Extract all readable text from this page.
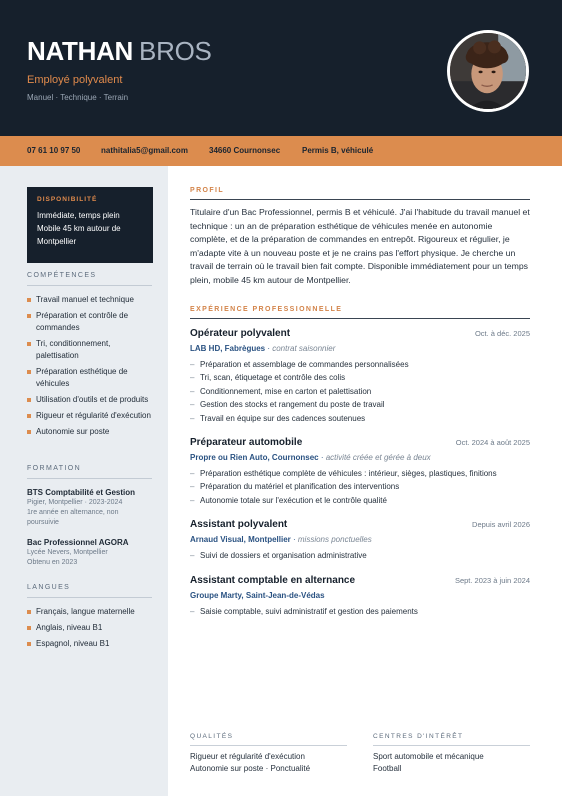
NATHAN BROS
Employé polyvalent
Manuel · Technique · Terrain
07 61 10 97 50	nathitalia5@gmail.com	34660 Cournonsec	Permis B, véhiculé
DISPONIBILITÉ
Immédiate, temps plein
Mobile 45 km autour de
Montpellier
COMPÉTENCES
Travail manuel et technique
Préparation et contrôle de commandes
Tri, conditionnement, palettisation
Préparation esthétique de véhicules
Utilisation d'outils et de produits
Rigueur et régularité d'exécution
Autonomie sur poste
FORMATION
BTS Comptabilité et Gestion
Pigier, Montpellier · 2023-2024
1re année en alternance, non poursuivie
Bac Professionnel AGORA
Lycée Nevers, Montpellier
Obtenu en 2023
LANGUES
Français, langue maternelle
Anglais, niveau B1
Espagnol, niveau B1
PROFIL
Titulaire d'un Bac Professionnel, permis B et véhiculé. J'ai l'habitude du travail manuel et technique : un an de préparation esthétique de véhicules menée en autonomie complète, et de la préparation de commandes en entrepôt. Rigoureux et régulier, je m'adapte vite à un nouveau poste et je ne crains pas l'effort physique. Je cherche un travail de terrain où le travail bien fait compte. Disponible immédiatement pour un temps plein, mobile 45 km autour de Montpellier.
EXPÉRIENCE PROFESSIONNELLE
Opérateur polyvalent	Oct. à déc. 2025
LAB HD, Fabrègues · contrat saisonnier
– Préparation et assemblage de commandes personnalisées
– Tri, scan, étiquetage et contrôle des colis
– Conditionnement, mise en carton et palettisation
– Gestion des stocks et rangement du poste de travail
– Travail en équipe sur des cadences soutenues
Préparateur automobile	Oct. 2024 à août 2025
Propre ou Rien Auto, Cournonsec · activité créée et gérée à deux
– Préparation esthétique complète de véhicules : intérieur, sièges, plastiques, finitions
– Préparation du matériel et planification des interventions
– Autonomie totale sur l'exécution et le contrôle qualité
Assistant polyvalent	Depuis avril 2026
Arnaud Visual, Montpellier · missions ponctuelles
– Suivi de dossiers et organisation administrative
Assistant comptable en alternance	Sept. 2023 à juin 2024
Groupe Marty, Saint-Jean-de-Védas
– Saisie comptable, suivi administratif et gestion des paiements
QUALITÉS
Rigueur et régularité d'exécution
Autonomie sur poste · Ponctualité
CENTRES D'INTÉRÊT
Sport automobile et mécanique
Football
